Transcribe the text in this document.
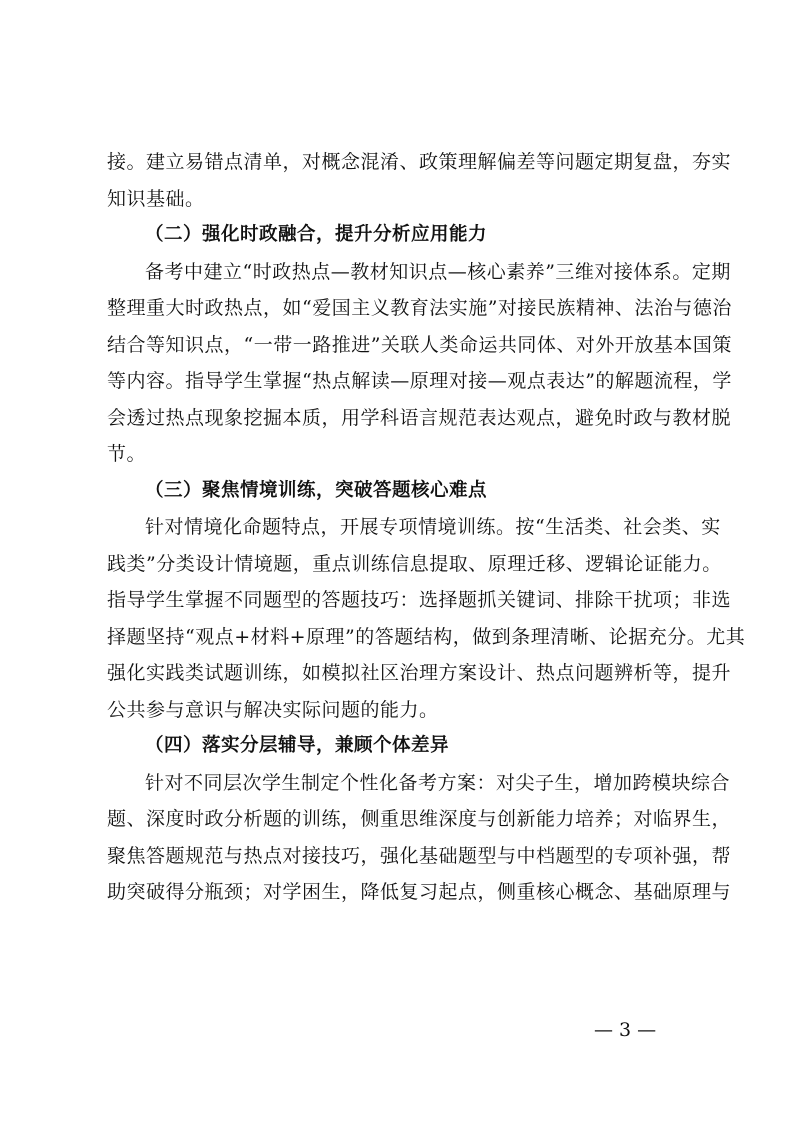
接。建立易错点清单，对概念混淆、政策理解偏差等问题定期复盘，夯实
知识基础。
（二）强化时政融合，提升分析应用能力
备考中建立“时政热点—教材知识点—核心素养”三维对接体系。定期
整理重大时政热点，如“爱国主义教育法实施”对接民族精神、法治与德治
结合等知识点，“一带一路推进”关联人类命运共同体、对外开放基本国策
等内容。指导学生掌握“热点解读—原理对接—观点表达”的解题流程，学
会透过热点现象挖掘本质，用学科语言规范表达观点，避免时政与教材脱
节。
（三）聚焦情境训练，突破答题核心难点
针对情境化命题特点，开展专项情境训练。按“生活类、社会类、实
践类”分类设计情境题，重点训练信息提取、原理迁移、逻辑论证能力。
指导学生掌握不同题型的答题技巧：选择题抓关键词、排除干扰项；非选
择题坚持“观点+材料+原理”的答题结构，做到条理清晰、论据充分。尤其
强化实践类试题训练，如模拟社区治理方案设计、热点问题辨析等，提升
公共参与意识与解决实际问题的能力。
（四）落实分层辅导，兼顾个体差异
针对不同层次学生制定个性化备考方案：对尖子生，增加跨模块综合
题、深度时政分析题的训练，侧重思维深度与创新能力培养；对临界生，
聚焦答题规范与热点对接技巧，强化基础题型与中档题型的专项补强，帮
助突破得分瓶颈；对学困生，降低复习起点，侧重核心概念、基础原理与
— 3 —
